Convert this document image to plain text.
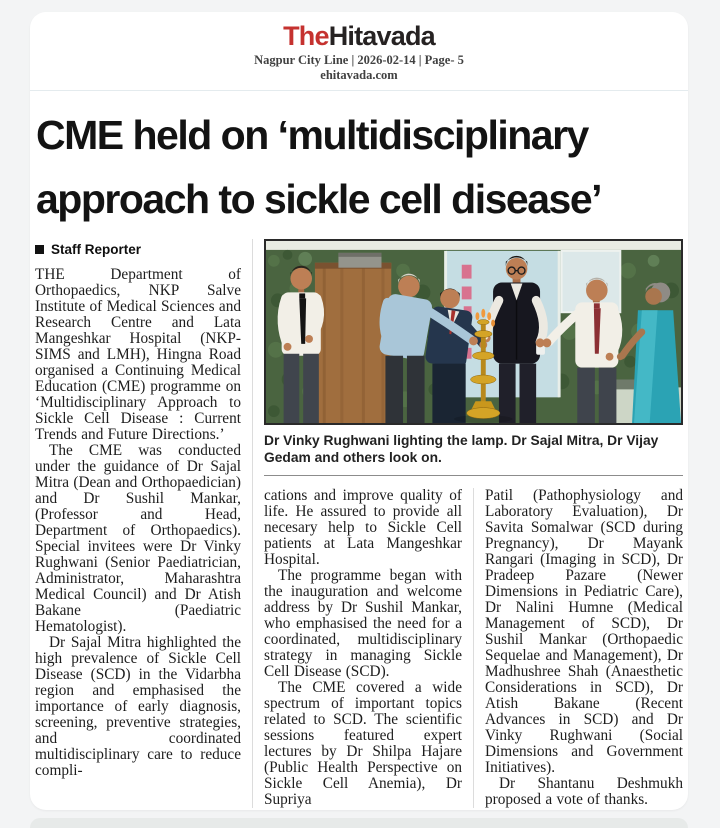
TheHitavada
Nagpur City Line | 2026-02-14 | Page- 5
ehitavada.com
CME held on ‘multidisciplinary approach to sickle cell disease’
Staff Reporter

THE Department of Orthopaedics, NKP Salve Institute of Medical Sciences and Research Centre and Lata Mangeshkar Hospital (NKP-SIMS and LMH), Hingna Road organised a Continuing Medical Education (CME) programme on ‘Multidisciplinary Approach to Sickle Cell Disease : Current Trends and Future Directions.’

The CME was conducted under the guidance of Dr Sajal Mitra (Dean and Orthopaedician) and Dr Sushil Mankar, (Professor and Head, Department of Orthopaedics). Special invitees were Dr Vinky Rughwani (Senior Paediatrician, Administrator, Maharashtra Medical Council) and Dr Atish Bakane (Paediatric Hematologist).

Dr Sajal Mitra highlighted the high prevalence of Sickle Cell Disease (SCD) in the Vidarbha region and emphasised the importance of early diagnosis, screening, preventive strategies, and coordinated multidisciplinary care to reduce compli-

Dr Vinky Rughwani lighting the lamp. Dr Sajal Mitra, Dr Vijay Gedam and others look on.

cations and improve quality of life. He assured to provide all necesary help to Sickle Cell patients at Lata Mangeshkar Hospital.

The programme began with the inauguration and welcome address by Dr Sushil Mankar, who emphasised the need for a coordinated, multidisciplinary strategy in managing Sickle Cell Disease (SCD).

The CME covered a wide spectrum of important topics related to SCD. The scientific sessions featured expert lectures by Dr Shilpa Hajare (Public Health Perspective on Sickle Cell Anemia), Dr Supriya

Patil (Pathophysiology and Laboratory Evaluation), Dr Savita Somalwar (SCD during Pregnancy), Dr Mayank Rangari (Imaging in SCD), Dr Pradeep Pazare (Newer Dimensions in Pediatric Care), Dr Nalini Humne (Medical Management of SCD), Dr Sushil Mankar (Orthopaedic Sequelae and Management), Dr Madhushree Shah (Anaesthetic Considerations in SCD), Dr Atish Bakane (Recent Advances in SCD) and Dr Vinky Rughwani (Social Dimensions and Government Initiatives).

Dr Shantanu Deshmukh proposed a vote of thanks.
